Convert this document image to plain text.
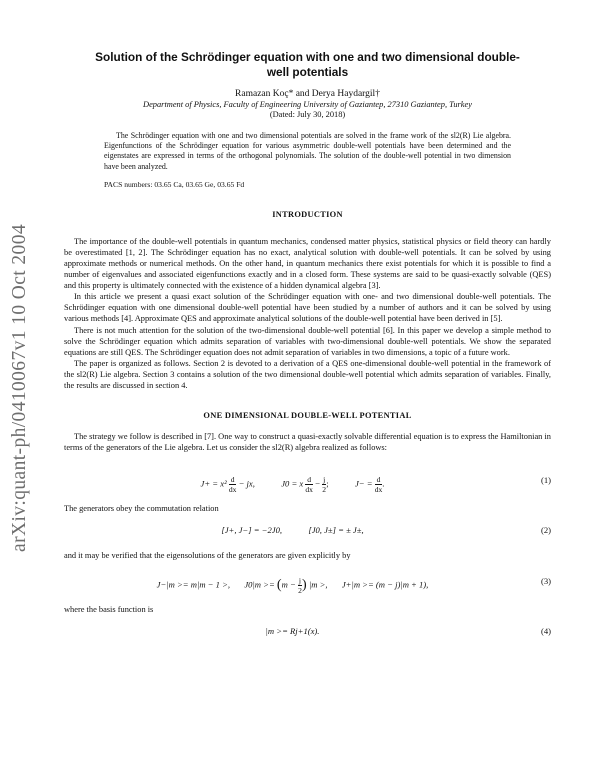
arXiv:quant-ph/0410067v1 10 Oct 2004
Solution of the Schrödinger equation with one and two dimensional double-well potentials
Ramazan Koç* and Derya Haydargil†
Department of Physics, Faculty of Engineering University of Gaziantep, 27310 Gaziantep, Turkey
(Dated: July 30, 2018)

The Schrödinger equation with one and two dimensional potentials are solved in the frame work of the sl2(R) Lie algebra. Eigenfunctions of the Schrödinger equation for various asymmetric double-well potentials have been determined and the eigenstates are expressed in terms of the orthogonal polynomials. The solution of the double-well potential in two dimension have been analyzed.

PACS numbers: 03.65 Ca, 03.65 Ge, 03.65 Fd
INTRODUCTION

The importance of the double-well potentials in quantum mechanics, condensed matter physics, statistical physics or field theory can hardly be overestimated [1, 2]. The Schrödinger equation has no exact, analytical solution with double-well potentials. It can be solved by using approximate methods or numerical methods. On the other hand, in quantum mechanics there exist potentials for which it is possible to find a number of eigenvalues and associated eigenfunctions exactly and in a closed form. These systems are said to be quasi-exactly solvable (QES) and this property is ultimately connected with the existence of a hidden dynamical algebra [3].

In this article we present a quasi exact solution of the Schrödinger equation with one- and two dimensional double-well potentials. The Schrödinger equation with one dimensional double-well potential have been studied by a number of authors and it can be solved by using various methods [4]. Approximate QES and approximate analytical solutions of the double-well potential have been derived in [5].

There is not much attention for the solution of the two-dimensional double-well potential [6]. In this paper we develop a simple method to solve the Schrödinger equation which admits separation of variables with two-dimensional double-well potentials. We show the separated equations are still QES. The Schrödinger equation does not admit separation of variables in two dimensions, a topic of a future work.

The paper is organized as follows. Section 2 is devoted to a derivation of a QES one-dimensional double-well potential in the framework of the sl2(R) Lie algebra. Section 3 contains a solution of the two dimensional double-well potential which admits separation of variables. Finally, the results are discussed in section 4.

ONE DIMENSIONAL DOUBLE-WELL POTENTIAL

The strategy we follow is described in [7]. One way to construct a quasi-exactly solvable differential equation is to express the Hamiltonian in terms of the generators of the Lie algebra. Let us consider the sl2(R) algebra realized as follows:

$J+ = x^2 \frac{d}{dx}$ − jx,	J0 = x $\frac{d}{dx} - \frac{j}{2}$ ;	$J- = \frac{d}{dx}$ .	(1)

The generators obey the commutation relation

[J+, J−] = −2J0,	[J0, J±] = ± J±,	(2)

and it may be verified that the eigensolutions of the generators are given explicitly by

J−|m >= m|m − 1 >, $J0|m >= (m - \frac{j}{2}$ ) |m >, J+|m >= (m − j)|m + 1),	(3)

where the basis function is

|m >= Rj+1(x).	(4)
